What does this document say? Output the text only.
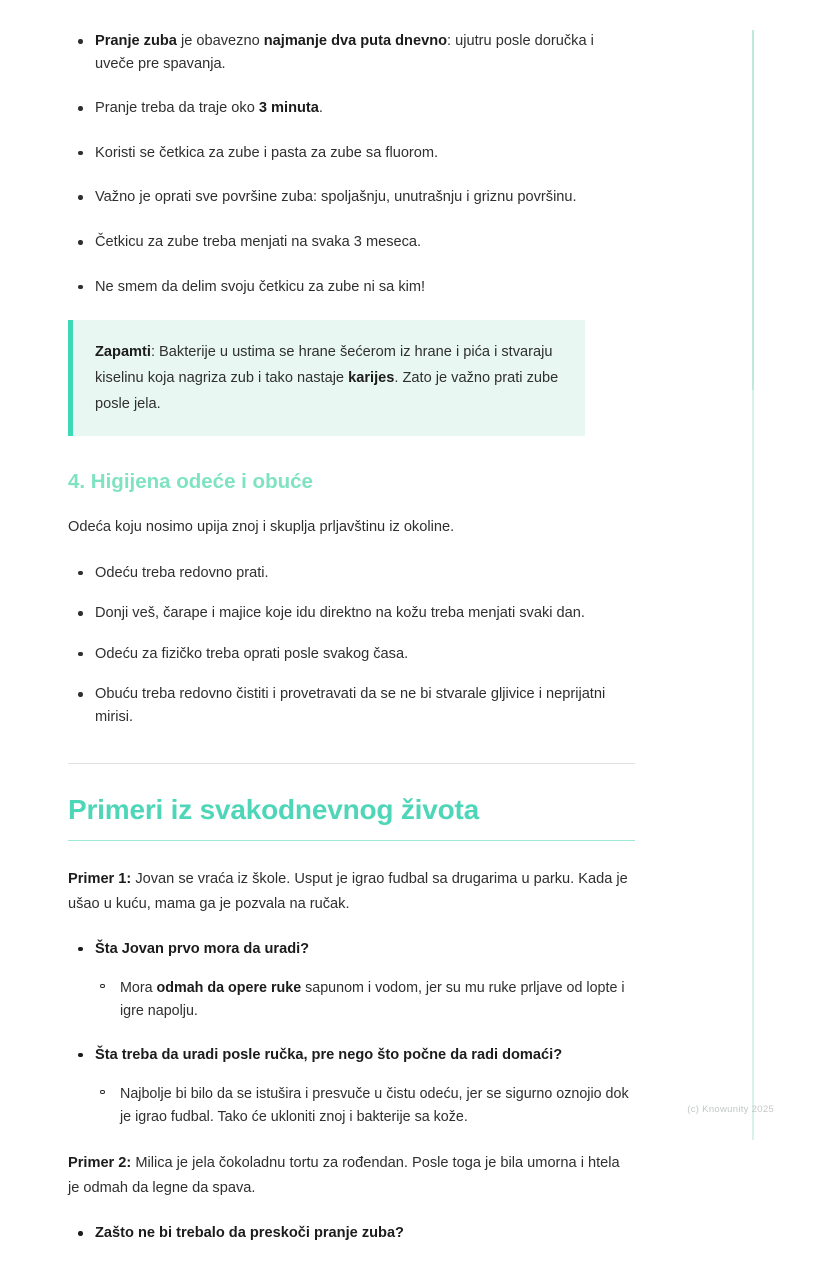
Pranje zuba je obavezno najmanje dva puta dnevno: ujutru posle doručka i uveče pre spavanja.
Pranje treba da traje oko 3 minuta.
Koristi se četkica za zube i pasta za zube sa fluorom.
Važno je oprati sve površine zuba: spoljašnju, unutrašnju i griznu površinu.
Četkicu za zube treba menjati na svaka 3 meseca.
Ne smem da delim svoju četkicu za zube ni sa kim!

Zapamti: Bakterije u ustima se hrane šećerom iz hrane i pića i stvaraju kiselinu koja nagriza zub i tako nastaje karijes. Zato je važno prati zube posle jela.

4. Higijena odeće i obuće

Odeća koju nosimo upija znoj i skuplja prljavštinu iz okoline.

Odeću treba redovno prati.
Donji veš, čarape i majice koje idu direktno na kožu treba menjati svaki dan.
Odeću za fizičko treba oprati posle svakog časa.
Obuću treba redovno čistiti i provetravati da se ne bi stvarale gljivice i neprijatni mirisi.
Primeri iz svakodnevnog života

Primer 1: Jovan se vraća iz škole. Usput je igrao fudbal sa drugarima u parku. Kada je ušao u kuću, mama ga je pozvala na ručak.

Šta Jovan prvo mora da uradi?
Mora odmah da opere ruke sapunom i vodom, jer su mu ruke prljave od lopte i igre napolju.
Šta treba da uradi posle ručka, pre nego što počne da radi domaći?
Najbolje bi bilo da se istušira i presvuče u čistu odeću, jer se sigurno oznojio dok je igrao fudbal. Tako će ukloniti znoj i bakterije sa kože.

Primer 2: Milica je jela čokoladnu tortu za rođendan. Posle toga je bila umorna i htela je odmah da legne da spava.

Zašto ne bi trebalo da preskoči pranje zuba?
(c) Knowunity 2025
